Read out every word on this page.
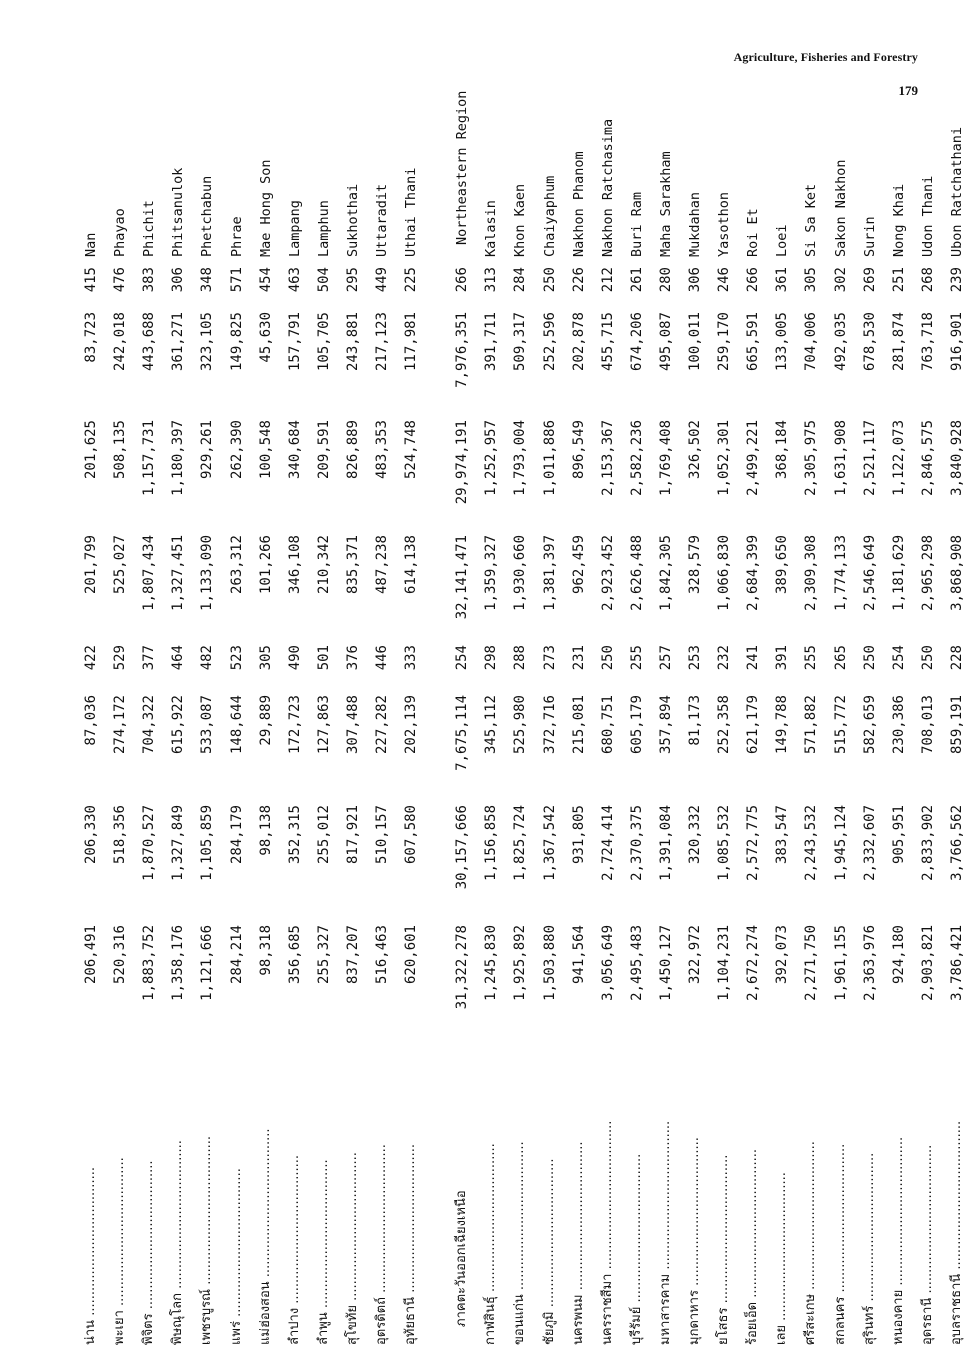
Agriculture, Fisheries and Forestry
179
น่าน ....................................
206,491
206,330
87,036
422
201,799
201,625
83,723
415
Nan
พะเยา ....................................
520,316
518,356
274,172
529
525,027
508,135
242,018
476
Phayao
พิจิตร ....................................
1,883,752
1,870,527
704,322
377
1,807,434
1,157,731
443,688
383
Phichit
พิษณุโลก ....................................
1,358,176
1,327,849
615,922
464
1,327,451
1,180,397
361,271
306
Phitsanulok
เพชรบูรณ์ ....................................
1,121,666
1,105,859
533,087
482
1,133,090
929,261
323,105
348
Phetchabun
แพร่ ....................................
284,214
284,179
148,644
523
263,312
262,390
149,825
571
Phrae
แม่ฮ่องสอน ....................................
98,318
98,138
29,889
305
101,266
100,548
45,630
454
Mae Hong Son
ลำปาง ....................................
356,685
352,315
172,723
490
346,108
340,684
157,791
463
Lampang
ลำพูน ....................................
255,327
255,012
127,863
501
210,342
209,591
105,705
504
Lamphun
สุโขทัย ....................................
837,207
817,921
307,488
376
835,371
826,889
243,881
295
Sukhothai
อุตรดิตถ์ ....................................
516,463
510,157
227,282
446
487,238
483,353
217,123
449
Uttaradit
อุทัยธานี ....................................
620,601
607,580
202,139
333
614,138
524,748
117,981
225
Uthai Thani
ภาคตะวันออกเฉียงเหนือ
31,322,278
30,157,666
7,675,114
254
32,141,471
29,974,191
7,976,351
266
Northeastern Region
กาฬสินธุ์ ....................................
1,245,830
1,156,858
345,112
298
1,359,327
1,252,957
391,711
313
Kalasin
ขอนแก่น ....................................
1,925,892
1,825,724
525,980
288
1,930,660
1,793,004
509,317
284
Khon Kaen
ชัยภูมิ ....................................
1,503,880
1,367,542
372,716
273
1,381,397
1,011,886
252,596
250
Chaiyaphum
นครพนม ....................................
941,564
931,805
215,081
231
962,459
896,549
202,878
226
Nakhon Phanom
นครราชสีมา ....................................
3,056,649
2,724,414
680,751
250
2,923,452
2,153,367
455,715
212
Nakhon Ratchasima
บุรีรัมย์ ....................................
2,495,483
2,370,375
605,179
255
2,626,488
2,582,236
674,206
261
Buri Ram
มหาสารคาม ....................................
1,450,127
1,391,084
357,894
257
1,842,305
1,769,408
495,087
280
Maha Sarakham
มุกดาหาร ....................................
322,972
320,332
81,173
253
328,579
326,502
100,011
306
Mukdahan
ยโสธร ....................................
1,104,231
1,085,532
252,358
232
1,066,830
1,052,301
259,170
246
Yasothon
ร้อยเอ็ด ....................................
2,672,274
2,572,775
621,179
241
2,684,399
2,499,221
665,591
266
Roi Et
เลย ....................................
392,073
383,547
149,788
391
389,650
368,184
133,005
361
Loei
ศรีสะเกษ ....................................
2,271,750
2,243,532
571,882
255
2,309,308
2,305,975
704,006
305
Si Sa Ket
สกลนคร ....................................
1,961,155
1,945,124
515,772
265
1,774,133
1,631,908
492,035
302
Sakon Nakhon
สุรินทร์ ....................................
2,363,976
2,332,607
582,659
250
2,546,649
2,521,117
678,530
269
Surin
หนองคาย ....................................
924,180
905,951
230,386
254
1,181,629
1,122,073
281,874
251
Nong Khai
อุดรธานี ....................................
2,903,821
2,833,902
708,013
250
2,965,298
2,846,575
763,718
268
Udon Thani
อุบลราชธานี ....................................
3,786,421
3,766,562
859,191
228
3,868,908
3,840,928
916,901
239
Ubon Ratchathani
